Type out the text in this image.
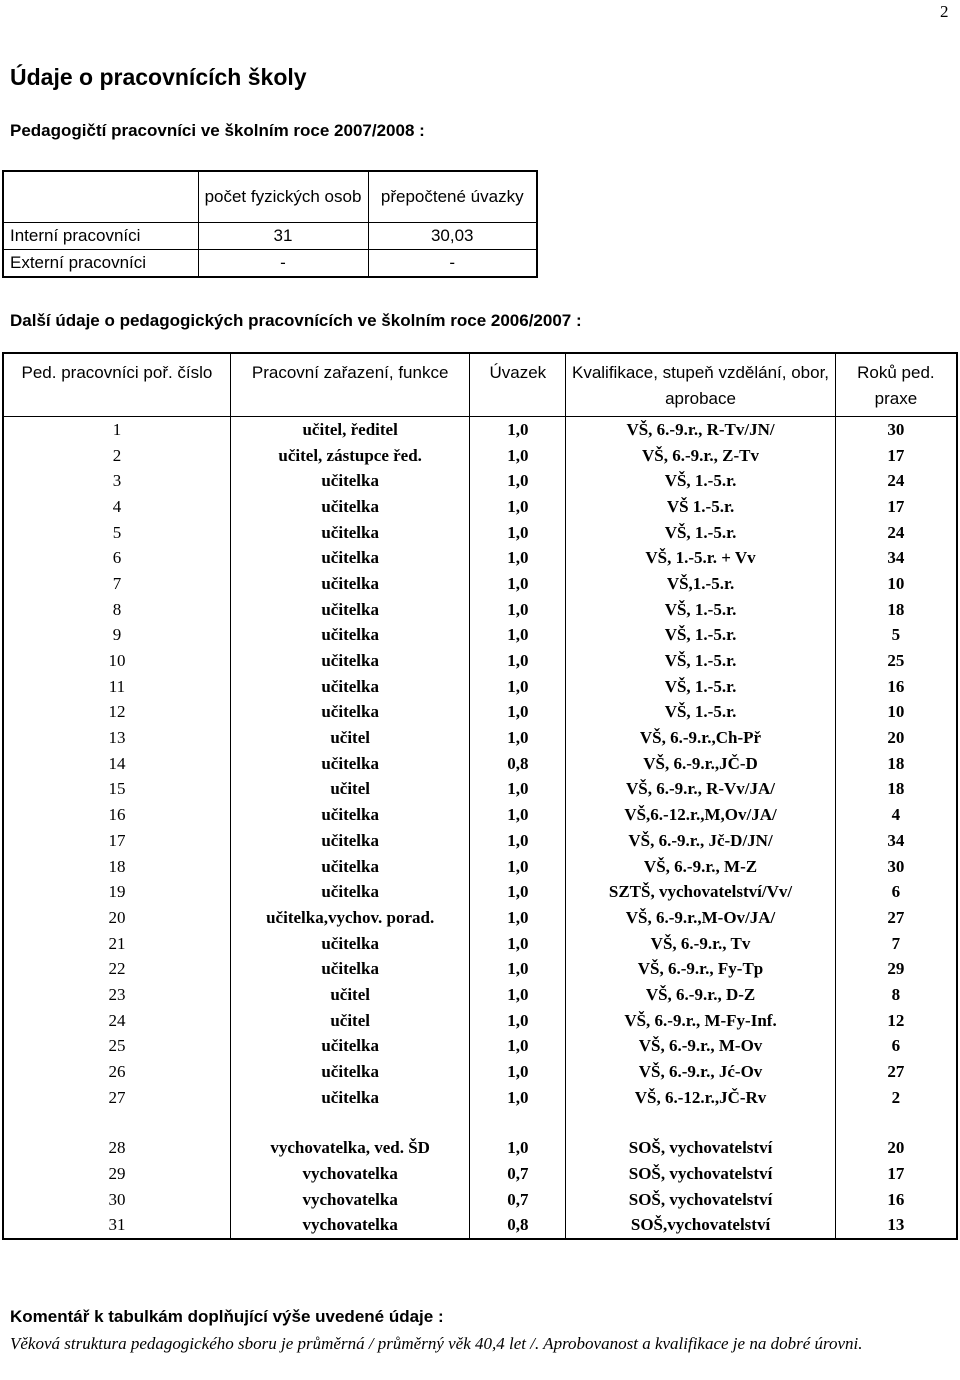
2
Údaje o pracovnících školy
Pedagogičtí pracovníci ve školním roce 2007/2008 :
	počet fyzických osob	přepočtené úvazky
Interní pracovníci	31	30,03
Externí pracovníci	-	-
Další údaje o pedagogických pracovnících ve školním roce 2006/2007 :
Ped. pracovníci poř. číslo	Pracovní zařazení, funkce	Úvazek	Kvalifikace, stupeň vzdělání, obor, aprobace	Roků ped. praxe
1	učitel, ředitel	1,0	VŠ, 6.-9.r., R-Tv/JN/	30
2	učitel, zástupce řed.	1,0	VŠ, 6.-9.r., Z-Tv	17
3	učitelka	1,0	VŠ, 1.-5.r.	24
4	učitelka	1,0	VŠ 1.-5.r.	17
5	učitelka	1,0	VŠ, 1.-5.r.	24
6	učitelka	1,0	VŠ, 1.-5.r. + Vv	34
7	učitelka	1,0	VŠ,1.-5.r.	10
8	učitelka	1,0	VŠ, 1.-5.r.	18
9	učitelka	1,0	VŠ, 1.-5.r.	5
10	učitelka	1,0	VŠ, 1.-5.r.	25
11	učitelka	1,0	VŠ, 1.-5.r.	16
12	učitelka	1,0	VŠ, 1.-5.r.	10
13	učitel	1,0	VŠ, 6.-9.r.,Ch-Př	20
14	učitelka	0,8	VŠ, 6.-9.r.,JČ-D	18
15	učitel	1,0	VŠ, 6.-9.r., R-Vv/JA/	18
16	učitelka	1,0	VŠ,6.-12.r.,M,Ov/JA/	4
17	učitelka	1,0	VŠ, 6.-9.r., Jč-D/JN/	34
18	učitelka	1,0	VŠ, 6.-9.r., M-Z	30
19	učitelka	1,0	SZTŠ, vychovatelství/Vv/	6
20	učitelka,vychov. porad.	1,0	VŠ, 6.-9.r.,M-Ov/JA/	27
21	učitelka	1,0	VŠ, 6.-9.r., Tv	7
22	učitelka	1,0	VŠ, 6.-9.r., Fy-Tp	29
23	učitel	1,0	VŠ, 6.-9.r., D-Z	8
24	učitel	1,0	VŠ, 6.-9.r., M-Fy-Inf.	12
25	učitelka	1,0	VŠ, 6.-9.r., M-Ov	6
26	učitelka	1,0	VŠ, 6.-9.r., Jć-Ov	27
27	učitelka	1,0	VŠ, 6.-12.r.,JČ-Rv	2

28	vychovatelka, ved. ŠD	1,0	SOŠ, vychovatelství	20
29	vychovatelka	0,7	SOŠ, vychovatelství	17
30	vychovatelka	0,7	SOŠ, vychovatelství	16
31	vychovatelka	0,8	SOŠ,vychovatelství	13
Komentář k tabulkám doplňující výše uvedené údaje :
Věková struktura pedagogického sboru je průměrná / průměrný věk 40,4 let /. Aprobovanost a kvalifikace je na dobré úrovni.
